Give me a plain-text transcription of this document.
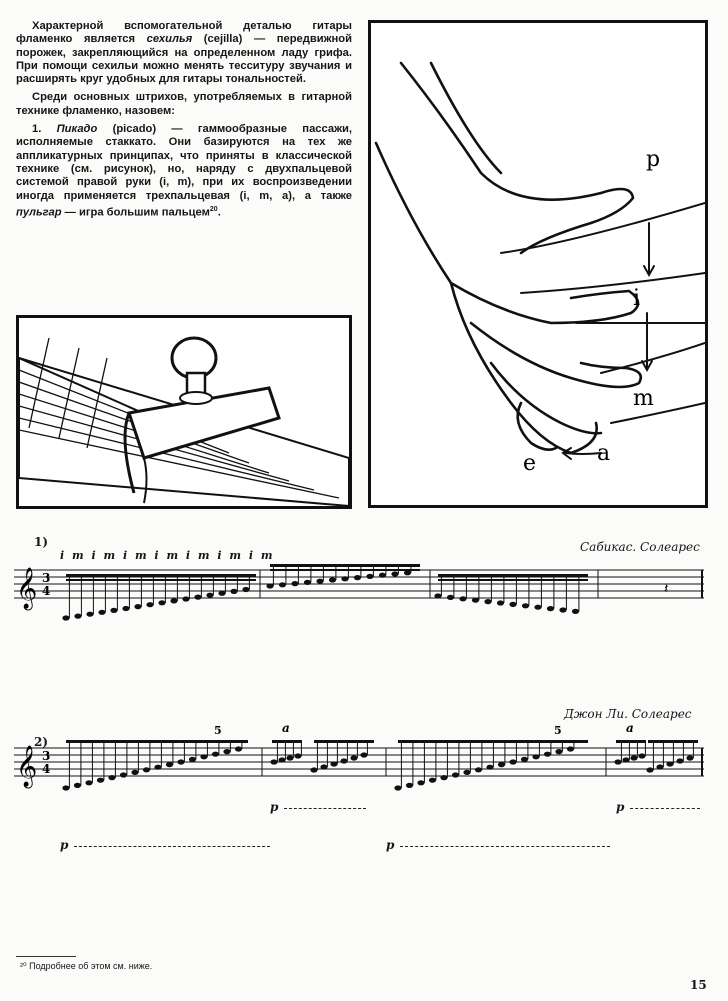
Характерной вспомогательной деталью гитары фламенко является сехилья (cejilla) — передвижной порожек, закрепляющийся на определенном ладу грифа. При помощи сехильи можно менять тесситуру звучания и расширять круг удобных для гитары тональностей.

Среди основных штрихов, употребляемых в гитарной технике фламенко, назовем:

1. Пикадо (picado) — гаммообразные пассажи, исполняемые стаккато. Они базируются на тех же аппликатурных принципах, что приняты в классической технике (см. рисунок), но, наряду с двухпальцевой системой правой руки (i, m), при их воспроизведении иногда применяется трехпальцевая (i, m, a), а также пульгар — игра большим пальцем$^{20}$.

p
i
m
a
e
1)	Сабикас. Солеарес
i m i m i m i m i m i m i m
𝄞 3
4	𝄽
2)
Джон Ли. Солеарес
𝄞 3
4
5	5
a	a
p	p
p	p
²⁰ Подробнее об этом см. ниже.
15
